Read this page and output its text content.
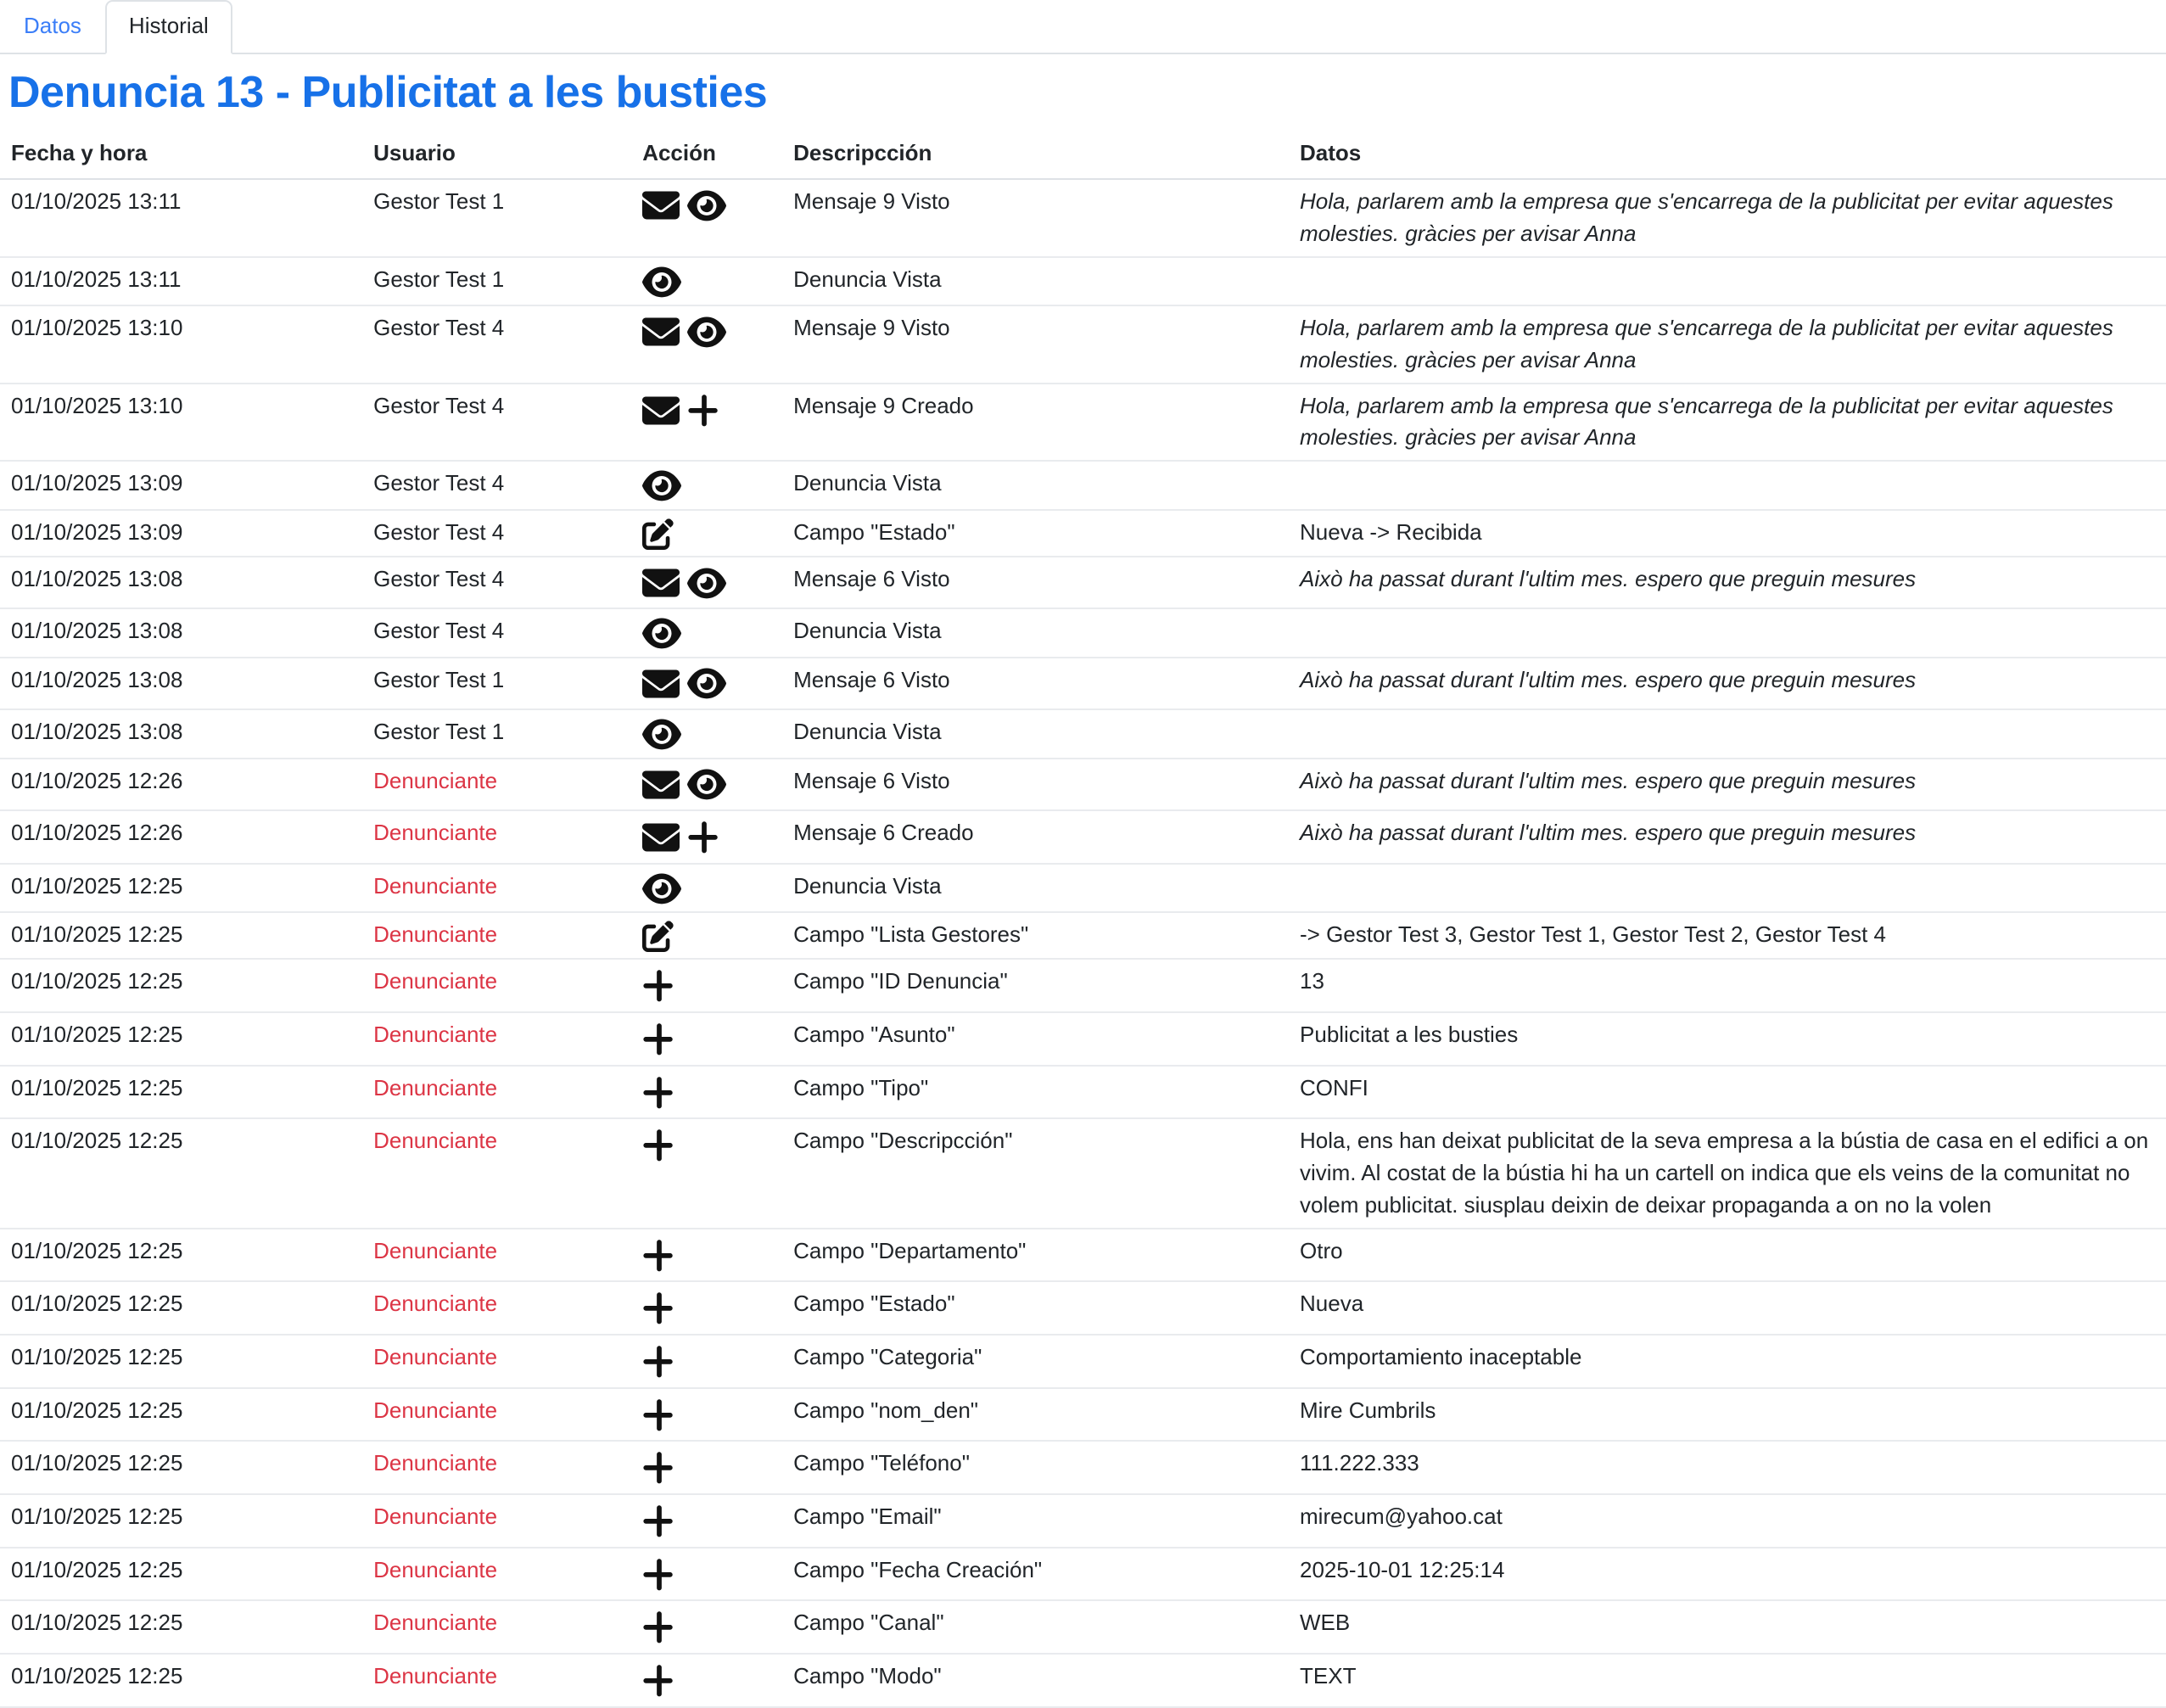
Datos	Historial
Denuncia 13 - Publicitat a les busties
Fecha y hora	Usuario	Acción	Descripcción	Datos
01/10/2025 13:11	Gestor Test 1		Mensaje 9 Visto	Hola, parlarem amb la empresa que s'encarrega de la publicitat per evitar aquestes molesties. gràcies per avisar Anna
01/10/2025 13:11	Gestor Test 1		Denuncia Vista	
01/10/2025 13:10	Gestor Test 4		Mensaje 9 Visto	Hola, parlarem amb la empresa que s'encarrega de la publicitat per evitar aquestes molesties. gràcies per avisar Anna
01/10/2025 13:10	Gestor Test 4		Mensaje 9 Creado	Hola, parlarem amb la empresa que s'encarrega de la publicitat per evitar aquestes molesties. gràcies per avisar Anna
01/10/2025 13:09	Gestor Test 4		Denuncia Vista	
01/10/2025 13:09	Gestor Test 4		Campo "Estado"	Nueva -> Recibida
01/10/2025 13:08	Gestor Test 4		Mensaje 6 Visto	Això ha passat durant l'ultim mes. espero que preguin mesures
01/10/2025 13:08	Gestor Test 4		Denuncia Vista	
01/10/2025 13:08	Gestor Test 1		Mensaje 6 Visto	Això ha passat durant l'ultim mes. espero que preguin mesures
01/10/2025 13:08	Gestor Test 1		Denuncia Vista	
01/10/2025 12:26	Denunciante		Mensaje 6 Visto	Això ha passat durant l'ultim mes. espero que preguin mesures
01/10/2025 12:26	Denunciante		Mensaje 6 Creado	Això ha passat durant l'ultim mes. espero que preguin mesures
01/10/2025 12:25	Denunciante		Denuncia Vista	
01/10/2025 12:25	Denunciante		Campo "Lista Gestores"	-> Gestor Test 3, Gestor Test 1, Gestor Test 2, Gestor Test 4
01/10/2025 12:25	Denunciante		Campo "ID Denuncia"	13
01/10/2025 12:25	Denunciante		Campo "Asunto"	Publicitat a les busties
01/10/2025 12:25	Denunciante		Campo "Tipo"	CONFI
01/10/2025 12:25	Denunciante		Campo "Descripcción"	Hola, ens han deixat publicitat de la seva empresa a la bústia de casa en el edifici a on vivim. Al costat de la bústia hi ha un cartell on indica que els veins de la comunitat no volem publicitat. siusplau deixin de deixar propaganda a on no la volen
01/10/2025 12:25	Denunciante		Campo "Departamento"	Otro
01/10/2025 12:25	Denunciante		Campo "Estado"	Nueva
01/10/2025 12:25	Denunciante		Campo "Categoria"	Comportamiento inaceptable
01/10/2025 12:25	Denunciante		Campo "nom_den"	Mire Cumbrils
01/10/2025 12:25	Denunciante		Campo "Teléfono"	111.222.333
01/10/2025 12:25	Denunciante		Campo "Email"	mirecum@yahoo.cat
01/10/2025 12:25	Denunciante		Campo "Fecha Creación"	2025-10-01 12:25:14
01/10/2025 12:25	Denunciante		Campo "Canal"	WEB
01/10/2025 12:25	Denunciante		Campo "Modo"	TEXT
